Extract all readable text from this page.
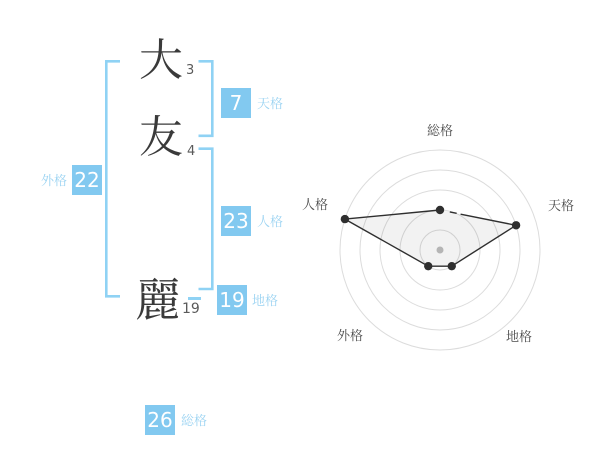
大 3
友 4
麗 19
7	天格
外格 22
23 人格
19 地格
26 総格
総格
天格
地格
外格
人格
